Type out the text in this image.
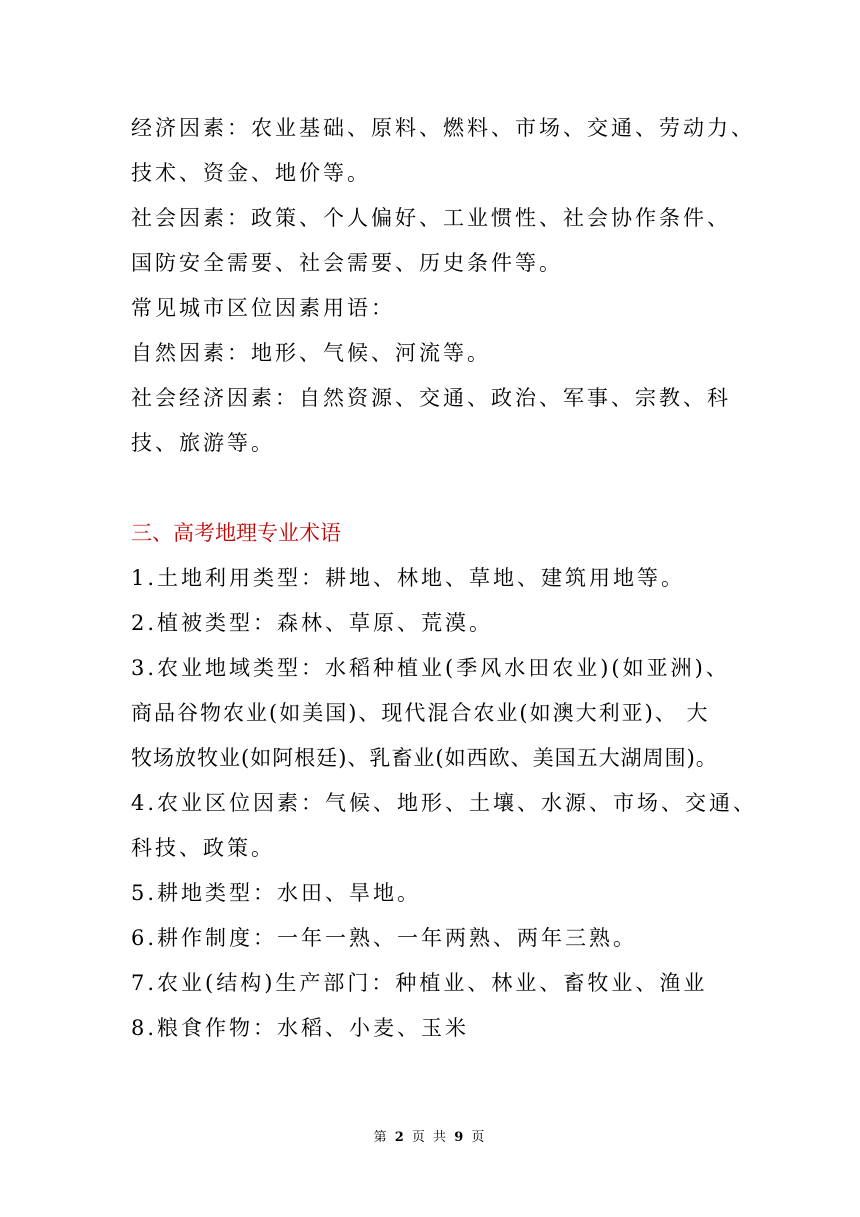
经济因素：农业基础、原料、燃料、市场、交通、劳动力、
技术、资金、地价等。
社会因素：政策、个人偏好、工业惯性、社会协作条件、
国防安全需要、社会需要、历史条件等。
常见城市区位因素用语：
自然因素：地形、气候、河流等。
社会经济因素：自然资源、交通、政治、军事、宗教、科
技、旅游等。
三、高考地理专业术语
1.土地利用类型：耕地、林地、草地、建筑用地等。
2.植被类型：森林、草原、荒漠。
3.农业地域类型：水稻种植业(季风水田农业)(如亚洲)、
商品谷物农业(如美国)、现代混合农业(如澳大利亚)、 大
牧场放牧业(如阿根廷)、乳畜业(如西欧、美国五大湖周围)。
4.农业区位因素：气候、地形、土壤、水源、市场、交通、
科技、政策。
5.耕地类型：水田、旱地。
6.耕作制度：一年一熟、一年两熟、两年三熟。
7.农业(结构)生产部门：种植业、林业、畜牧业、渔业
8.粮食作物：水稻、小麦、玉米
第 2 页 共 9 页
